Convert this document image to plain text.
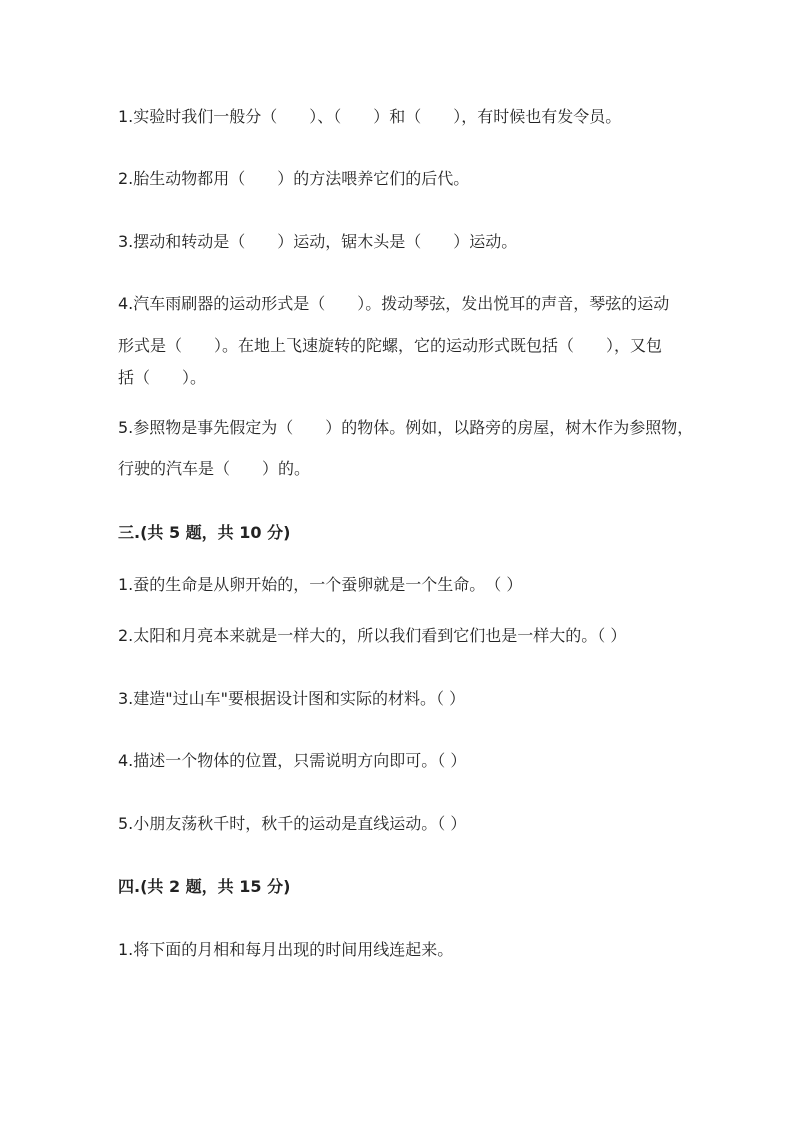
1.实验时我们一般分（　　）、（　　）和（　　），有时候也有发令员。
2.胎生动物都用（　　）的方法喂养它们的后代。
3.摆动和转动是（　　）运动，锯木头是（　　）运动。
4.汽车雨刷器的运动形式是（　　）。拨动琴弦，发出悦耳的声音，琴弦的运动
形式是（　　）。在地上飞速旋转的陀螺，它的运动形式既包括（　　），又包
括（　　）。
5.参照物是事先假定为（　　）的物体。例如，以路旁的房屋，树木作为参照物，
行驶的汽车是（　　）的。
三.(共 5 题，共 10 分)
1.蚕的生命是从卵开始的，一个蚕卵就是一个生命。　（ ）
2.太阳和月亮本来就是一样大的，所以我们看到它们也是一样大的。（ ）
3.建造"过山车"要根据设计图和实际的材料。（ ）
4.描述一个物体的位置，只需说明方向即可。（ ）
5.小朋友荡秋千时，秋千的运动是直线运动。（ ）
四.(共 2 题，共 15 分)
1.将下面的月相和每月出现的时间用线连起来。
